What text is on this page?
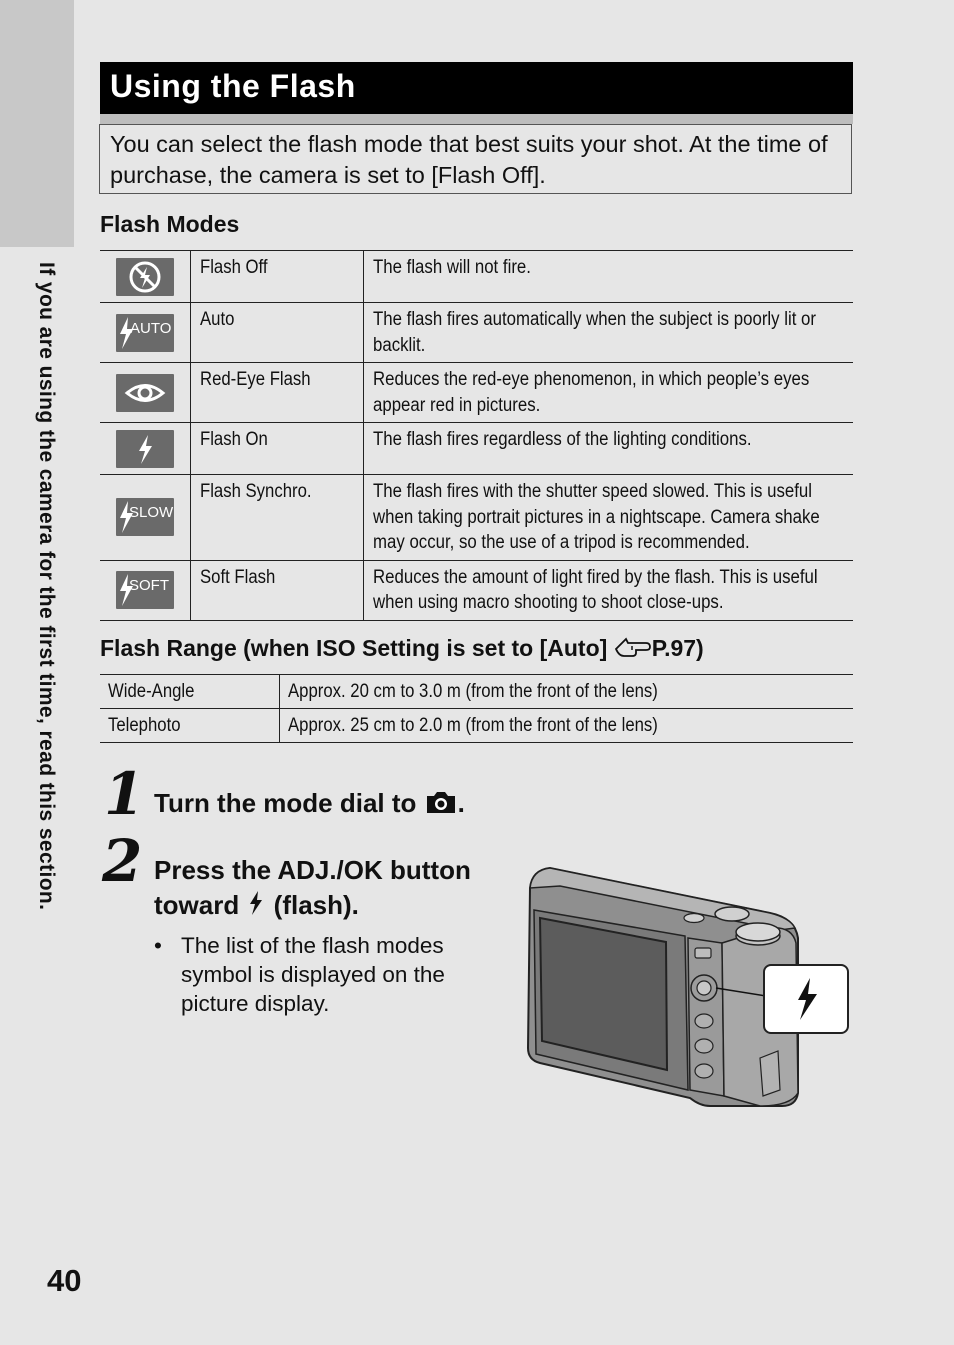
If you are using the camera for the first time, read this section.
Using the Flash

You can select the flash mode that best suits your shot. At the time of purchase, the camera is set to [Flash Off].

Flash Modes
	Flash Off	The flash will not fire.

AUTO	Auto	The flash fires automatically when the subject is poorly lit or backlit.

	Red-Eye Flash	Reduces the red-eye phenomenon, in which people’s eyes appear red in pictures.

	Flash On	The flash fires regardless of the lighting conditions.

SLOW	Flash Synchro.	The flash fires with the shutter speed slowed. This is useful when taking portrait pictures in a nightscape. Camera shake may occur, so the use of a tripod is recommended.

SOFT	Soft Flash	Reduces the amount of light fired by the flash. This is useful when using macro shooting to shoot close-ups.
Flash Range (when ISO Setting is set to [Auto] P.97)
Wide-Angle	Approx. 20 cm to 3.0 m (from the front of the lens)
Telephoto	Approx. 25 cm to 2.0 m (from the front of the lens)
1 Turn the mode dial to .
2 Press the ADJ./OK button
toward  (flash).
• The list of the flash modes symbol is displayed on the picture display.
40
